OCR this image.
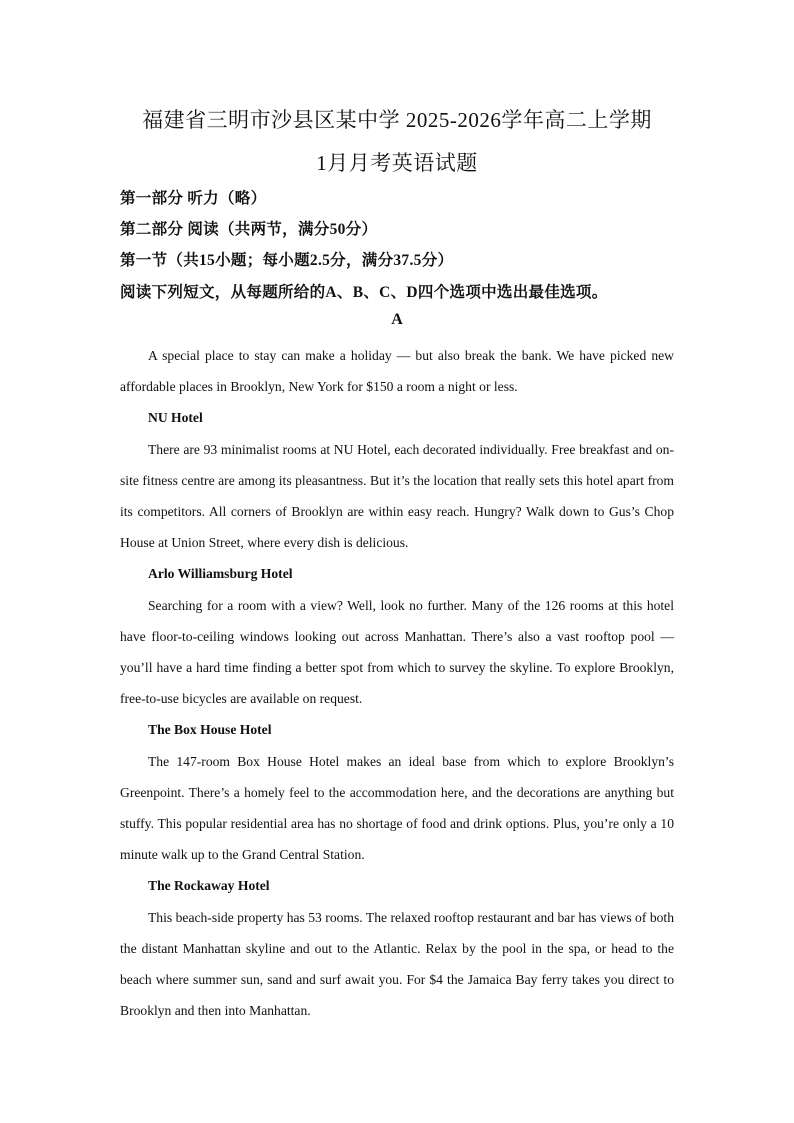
福建省三明市沙县区某中学 2025-2026学年高二上学期
1月月考英语试题
第一部分 听力（略）
第二部分 阅读（共两节，满分50分）
第一节（共15小题；每小题2.5分，满分37.5分）
阅读下列短文，从每题所给的A、B、C、D四个选项中选出最佳选项。
A

A special place to stay can make a holiday — but also break the bank. We have picked new affordable places in Brooklyn, New York for $150 a room a night or less.

NU Hotel

There are 93 minimalist rooms at NU Hotel, each decorated individually. Free breakfast and on-site fitness centre are among its pleasantness. But it’s the location that really sets this hotel apart from its competitors. All corners of Brooklyn are within easy reach. Hungry? Walk down to Gus’s Chop House at Union Street, where every dish is delicious.

Arlo Williamsburg Hotel

Searching for a room with a view? Well, look no further. Many of the 126 rooms at this hotel have floor-to-ceiling windows looking out across Manhattan. There’s also a vast rooftop pool — you’ll have a hard time finding a better spot from which to survey the skyline. To explore Brooklyn, free-to-use bicycles are available on request.

The Box House Hotel

The 147-room Box House Hotel makes an ideal base from which to explore Brooklyn’s Greenpoint. There’s a homely feel to the accommodation here, and the decorations are anything but stuffy. This popular residential area has no shortage of food and drink options. Plus, you’re only a 10 minute walk up to the Grand Central Station.

The Rockaway Hotel

This beach-side property has 53 rooms. The relaxed rooftop restaurant and bar has views of both the distant Manhattan skyline and out to the Atlantic. Relax by the pool in the spa, or head to the beach where summer sun, sand and surf await you. For $4 the Jamaica Bay ferry takes you direct to Brooklyn and then into Manhattan.
